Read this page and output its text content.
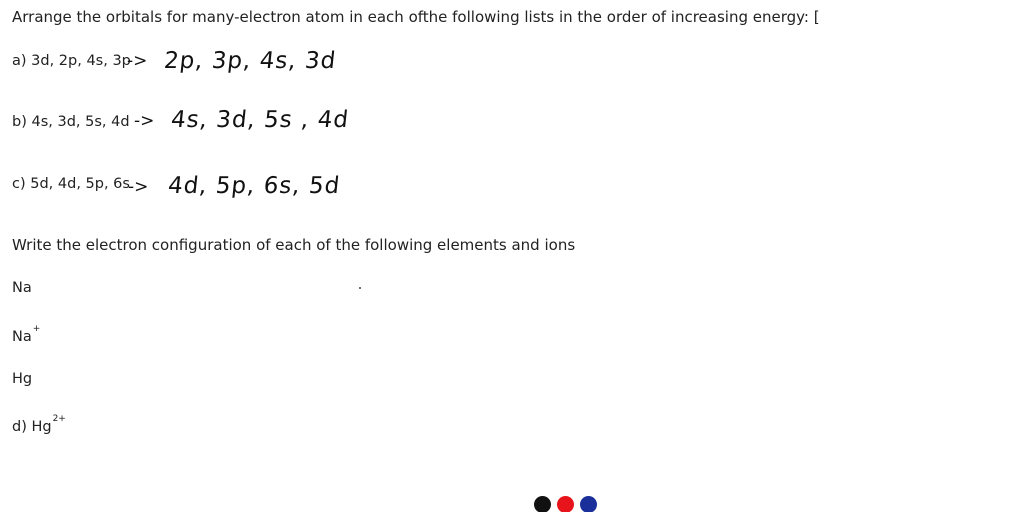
Arrange the orbitals for many-electron atom in each ofthe following lists in the order of increasing energy: [
a) 3d, 2p, 4s, 3p
-> 2p, 3p, 4s, 3d
b) 4s, 3d, 5s, 4d -> 4s, 3d, 5s , 4d
c) 5d, 4d, 5p, 6s
-> 4d, 5p, 6s, 5d
Write the electron configuration of each of the following elements and ions
Na
Na+
Hg
d) $Hg^{2+}$
